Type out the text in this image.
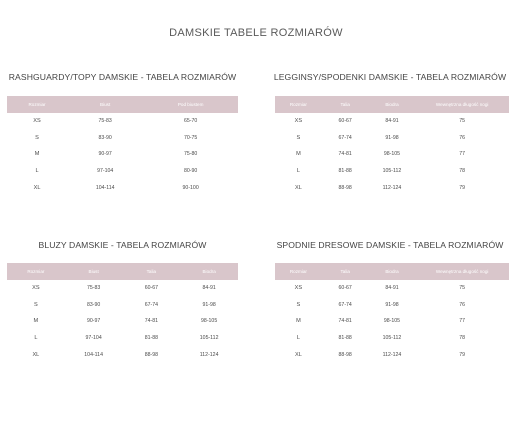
DAMSKIE TABELE ROZMIARÓW
RASHGUARDY/TOPY DAMSKIE - TABELA ROZMIARÓW
Rozmiar	Biust	Pod biustem
XS	75-83	65-70
S	83-90	70-75
M	90-97	75-80
L	97-104	80-90
XL	104-114	90-100
LEGGINSY/SPODENKI DAMSKIE - TABELA ROZMIARÓW
Rozmiar	Talia	Biodra	Wewnętrzna długość nogi
XS	60-67	84-91	75
S	67-74	91-98	76
M	74-81	98-105	77
L	81-88	105-112	78
XL	88-98	112-124	79
BLUZY DAMSKIE - TABELA ROZMIARÓW
Rozmiar	Biust	Talia	Biodra
XS	75-83	60-67	84-91
S	83-90	67-74	91-98
M	90-97	74-81	98-105
L	97-104	81-88	105-112
XL	104-114	88-98	112-124
SPODNIE DRESOWE DAMSKIE - TABELA ROZMIARÓW
Rozmiar	Talia	Biodra	Wewnętrzna długość nogi
XS	60-67	84-91	75
S	67-74	91-98	76
M	74-81	98-105	77
L	81-88	105-112	78
XL	88-98	112-124	79
